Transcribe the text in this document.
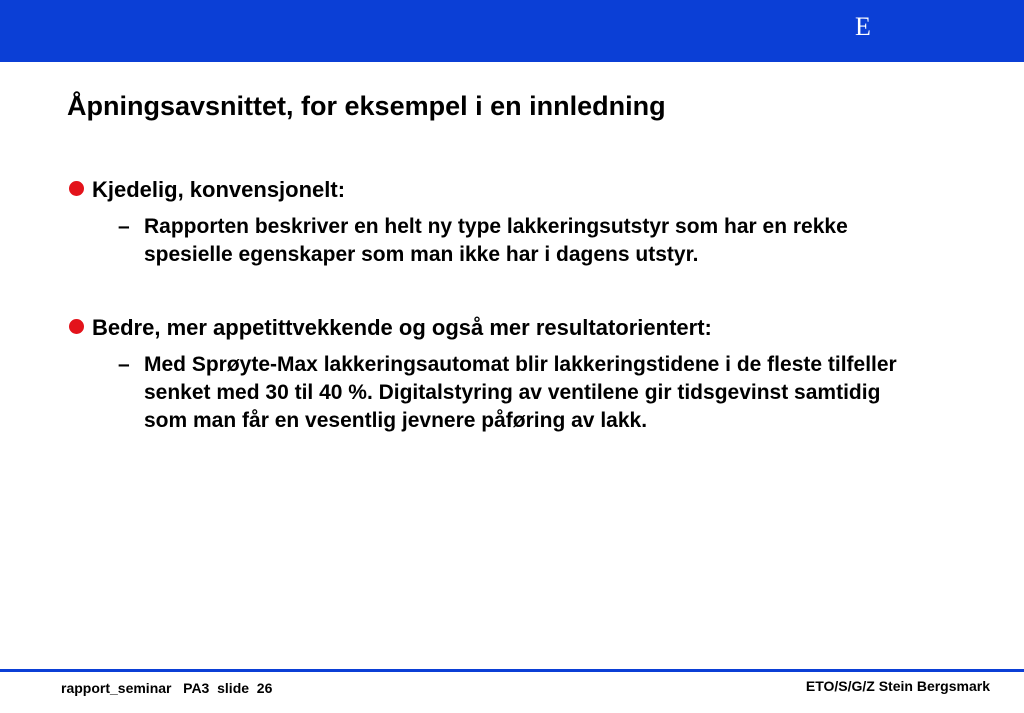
E
Åpningsavsnittet, for eksempel i en innledning
Kjedelig, konvensjonelt:
– Rapporten beskriver en helt ny type lakkeringsutstyr som har en rekke spesielle egenskaper som man ikke har i dagens utstyr.
Bedre, mer appetittvekkende og også mer resultatorientert:
– Med Sprøyte-Max lakkeringsautomat blir lakkeringstidene i de fleste tilfeller senket med 30 til 40 %. Digitalstyring av ventilene gir tidsgevinst samtidig som man får en vesentlig jevnere påføring av lakk.
rapport_seminar   PA3  slide  26	ETO/S/G/Z Stein Bergsmark
